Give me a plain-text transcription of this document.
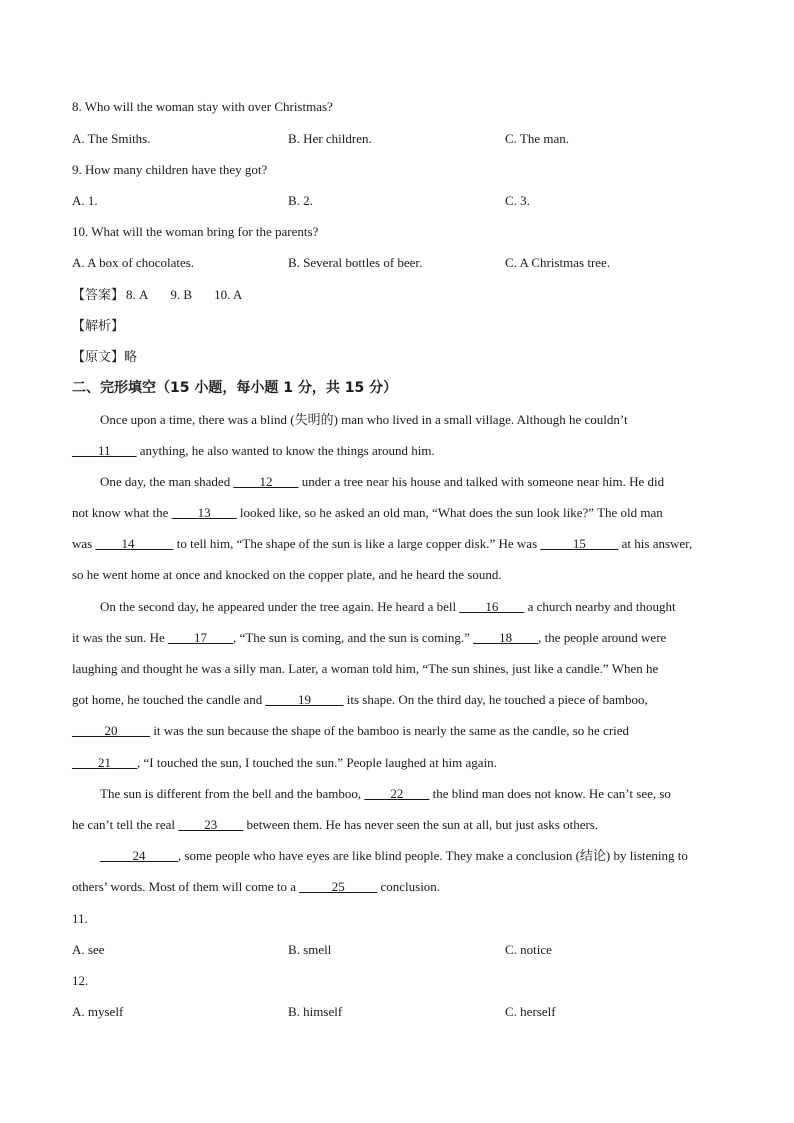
8. Who will the woman stay with over Christmas?
A. The Smiths.	B. Her children.	C. The man.
9. How many children have they got?
A. 1.	B. 2.	C. 3.
10. What will the woman bring for the parents?
A. A box of chocolates.	B. Several bottles of beer.	C. A Christmas tree.
【答案】 8. A 9. B 10. A
【解析】
【原文】略
二、完形填空（15 小题，每小题 1 分，共 15 分）
Once upon a time, there was a blind (失明的) man who lived in a small village. Although he couldn’t
____11____ anything, he also wanted to know the things around him.
One day, the man shaded ____12____ under a tree near his house and talked with someone near him. He did
not know what the ____13____ looked like, so he asked an old man, “What does the sun look like?” The old man
was ____14______ to tell him, “The shape of the sun is like a large copper disk.” He was _____15_____ at his answer,
so he went home at once and knocked on the copper plate, and he heard the sound.
On the second day, he appeared under the tree again. He heard a bell ____16____ a church nearby and thought
it was the sun. He ____17____, “The sun is coming, and the sun is coming.” ____18____, the people around were
laughing and thought he was a silly man. Later, a woman told him, “The sun shines, just like a candle.” When he
got home, he touched the candle and _____19_____ its shape. On the third day, he touched a piece of bamboo,
_____20_____ it was the sun because the shape of the bamboo is nearly the same as the candle, so he cried
____21____, “I touched the sun, I touched the sun.” People laughed at him again.
The sun is different from the bell and the bamboo, ____22____ the blind man does not know. He can’t see, so
he can’t tell the real ____23____ between them. He has never seen the sun at all, but just asks others.
_____24_____, some people who have eyes are like blind people. They make a conclusion (结论) by listening to
others’ words. Most of them will come to a _____25_____ conclusion.
11.
A. see	B. smell	C. notice
12.
A. myself	B. himself	C. herself
